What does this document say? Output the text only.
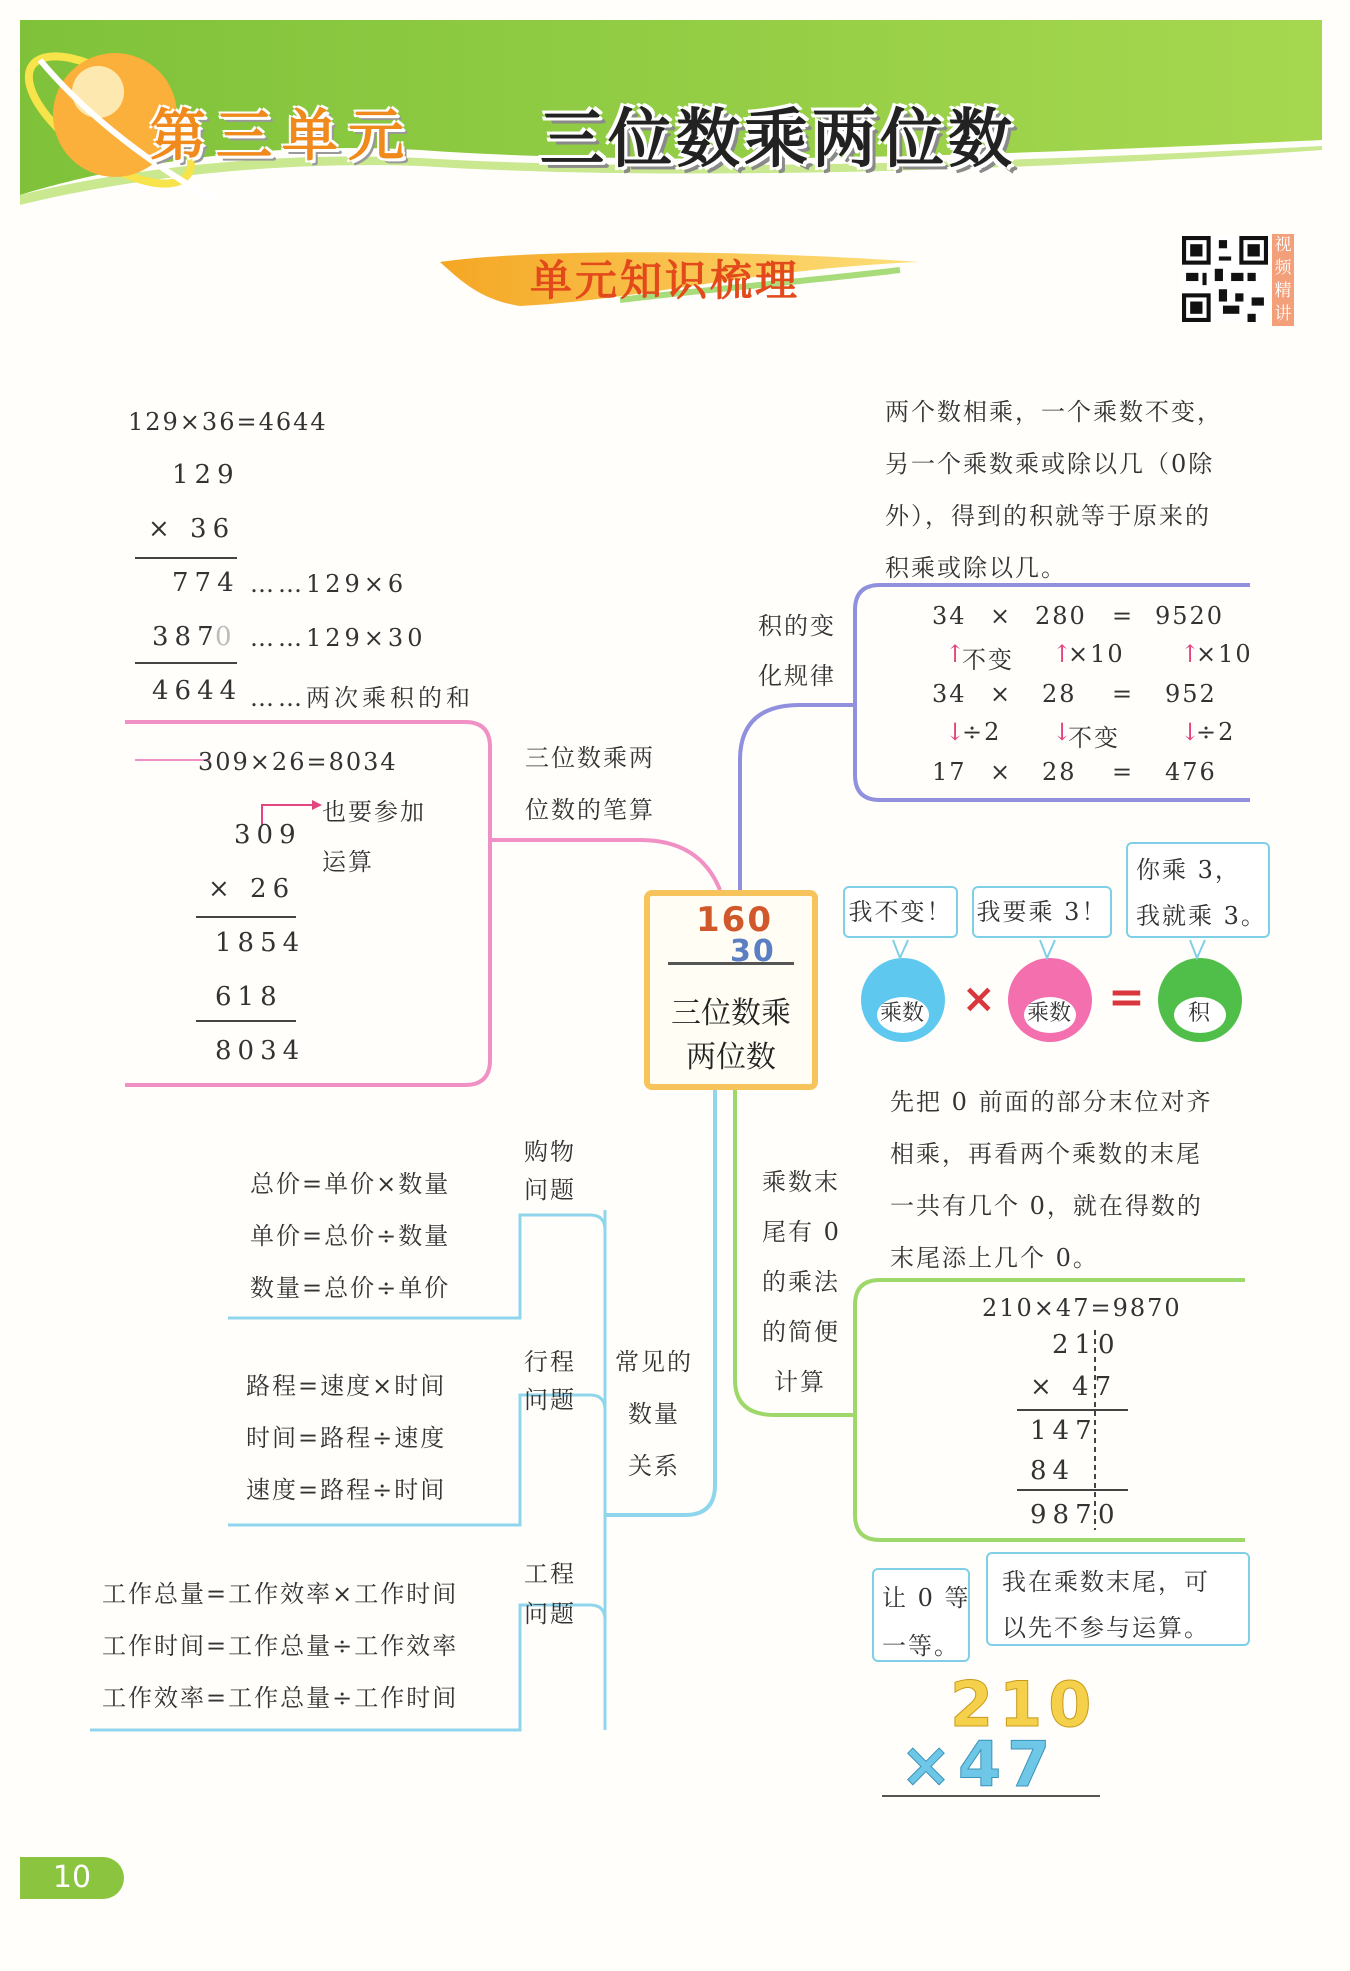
第三单元 三位数乘两位数
单元知识梳理
视频精讲
160
30
三位数乘
两位数
三位数乘两
位数的笔算
129×36=4644
129
× 36
774 ……129×6
387
0 ……129×30
4644 ……两次乘积的和
309×26=8034
309
也要参加
运算
× 26
1854
618
8034
积的变
化规律
两个数相乘，一个乘数不变，
另一个乘数乘或除以几（0除
外），得到的积就等于原来的
积乘或除以几。
34 × 280 = 9520
↑
不变 ↑
×10 ↑
×10
34 × 28 = 952
↓
÷2 ↓
不变	↓
÷2
17 × 28 = 476
我不变！ 我要乘 3！
你乘 3，
我就乘 3。
乘数 × 乘数 = 积
乘数末
尾有 0
的乘法
的简便
计算
先把 0 前面的部分末位对齐
相乘，再看两个乘数的末尾
一共有几个 0，就在得数的
末尾添上几个 0。
210×47=9870
21 0
× 47
147
84
987 0
让 0 等
一等。
我在乘数末尾，可
以先不参与运算。
210
×47
常见的
数量
关系
购物
问题
总价=单价×数量
单价=总价÷数量
数量=总价÷单价
行程
问题
路程=速度×时间
时间=路程÷速度
速度=路程÷时间
工程
问题
工作总量=工作效率×工作时间
工作时间=工作总量÷工作效率
工作效率=工作总量÷工作时间
10
